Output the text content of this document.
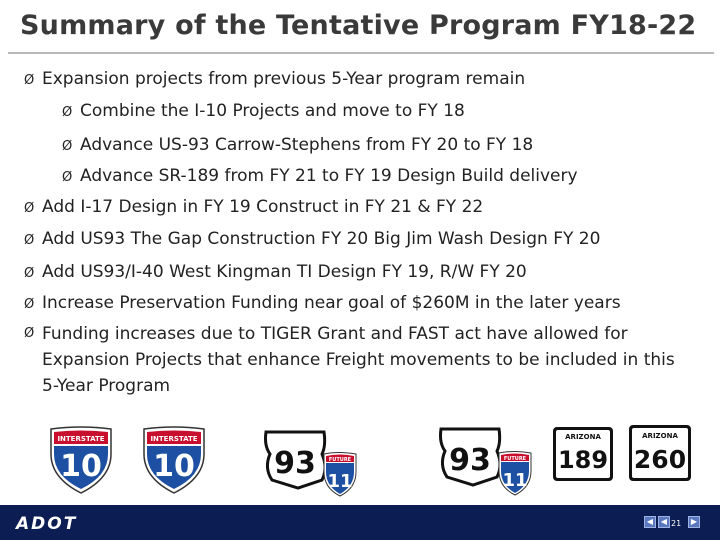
Summary of the Tentative Program FY18-22
Ø Expansion projects from previous 5-Year program remain
Ø Combine the I-10 Projects and move to FY 18
Ø Advance US-93 Carrow-Stephens from FY 20 to FY 18
Ø Advance SR-189 from FY 21 to FY 19 Design Build delivery
Ø Add I-17 Design in FY 19 Construct in FY 21 & FY 22
Ø Add US93 The Gap Construction FY 20 Big Jim Wash Design FY 20
Ø Add US93/I-40 West Kingman TI Design FY 19, R/W FY 20
Ø Increase Preservation Funding near goal of $260M in the later years
Ø Funding increases due to TIGER Grant and FAST act have allowed for Expansion Projects that enhance Freight movements to be included in this 5-Year Program
INTERSTATE
10
INTERSTATE
10	93	FUTURE
11
93	FUTURE
11
ARIZONA
189
ARIZONA
260
ADOT	◀ ◀	▶
21
